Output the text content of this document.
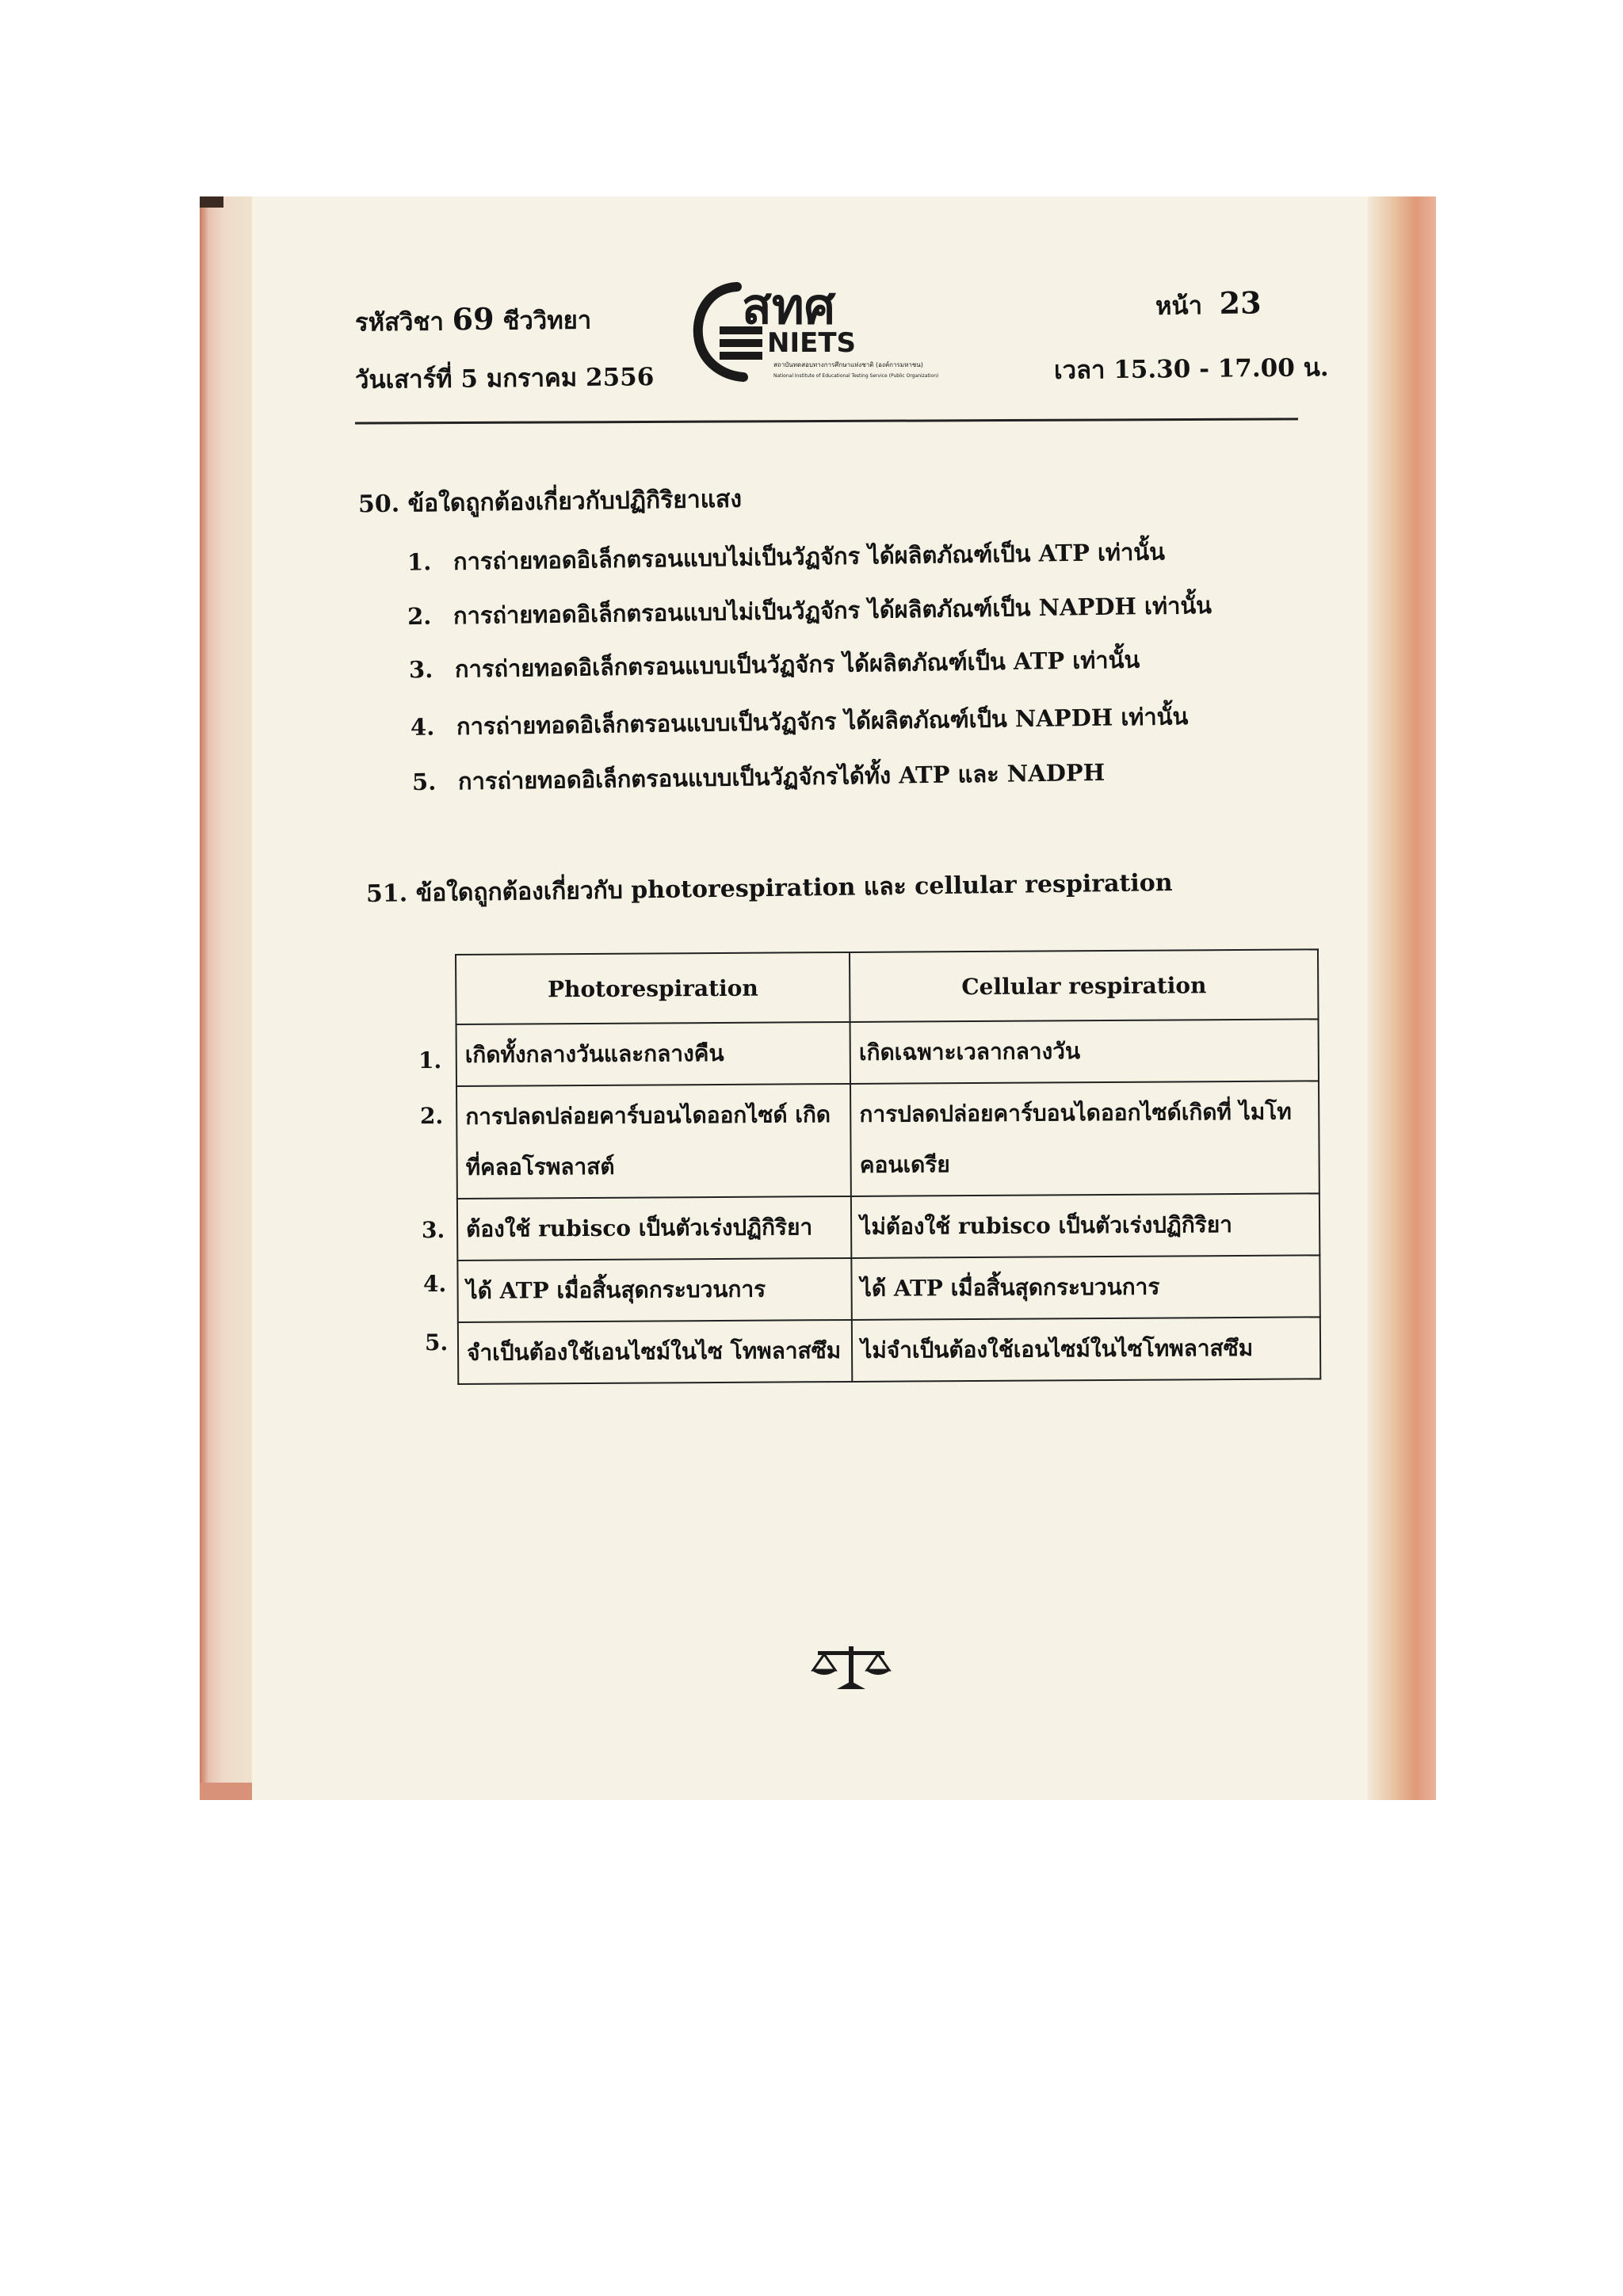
รหัสวิชา 69 ชีววิทยา
วันเสาร์ที่ 5 มกราคม 2556
สทศ
NIETS
สถาบันทดสอบทางการศึกษาแห่งชาติ (องค์การมหาชน)
National Institute of Educational Testing Service (Public Organization)
หน้า 23
เวลา 15.30 - 17.00 น.
50. ข้อใดถูกต้องเกี่ยวกับปฏิกิริยาแสง
1. การถ่ายทอดอิเล็กตรอนแบบไม่เป็นวัฏจักร ได้ผลิตภัณฑ์เป็น ATP เท่านั้น
2. การถ่ายทอดอิเล็กตรอนแบบไม่เป็นวัฏจักร ได้ผลิตภัณฑ์เป็น NAPDH เท่านั้น
3. การถ่ายทอดอิเล็กตรอนแบบเป็นวัฏจักร ได้ผลิตภัณฑ์เป็น ATP เท่านั้น
4. การถ่ายทอดอิเล็กตรอนแบบเป็นวัฏจักร ได้ผลิตภัณฑ์เป็น NAPDH เท่านั้น
5. การถ่ายทอดอิเล็กตรอนแบบเป็นวัฏจักรได้ทั้ง ATP และ NADPH
51. ข้อใดถูกต้องเกี่ยวกับ photorespiration และ cellular respiration
1.
2.
3.
4.
5.
Photorespiration	Cellular respiration
เกิดทั้งกลางวันและกลางคืน	เกิดเฉพาะเวลากลางวัน
การปลดปล่อยคาร์บอนไดออกไซด์ เกิดที่คลอโรพลาสต์	การปลดปล่อยคาร์บอนไดออกไซด์เกิดที่ ไมโทคอนเดรีย
ต้องใช้ rubisco เป็นตัวเร่งปฏิกิริยา	ไม่ต้องใช้ rubisco เป็นตัวเร่งปฏิกิริยา
ได้ ATP เมื่อสิ้นสุดกระบวนการ	ได้ ATP เมื่อสิ้นสุดกระบวนการ
จำเป็นต้องใช้เอนไซม์ในไซ โทพลาสซึม	ไม่จำเป็นต้องใช้เอนไซม์ในไซโทพลาสซึม
